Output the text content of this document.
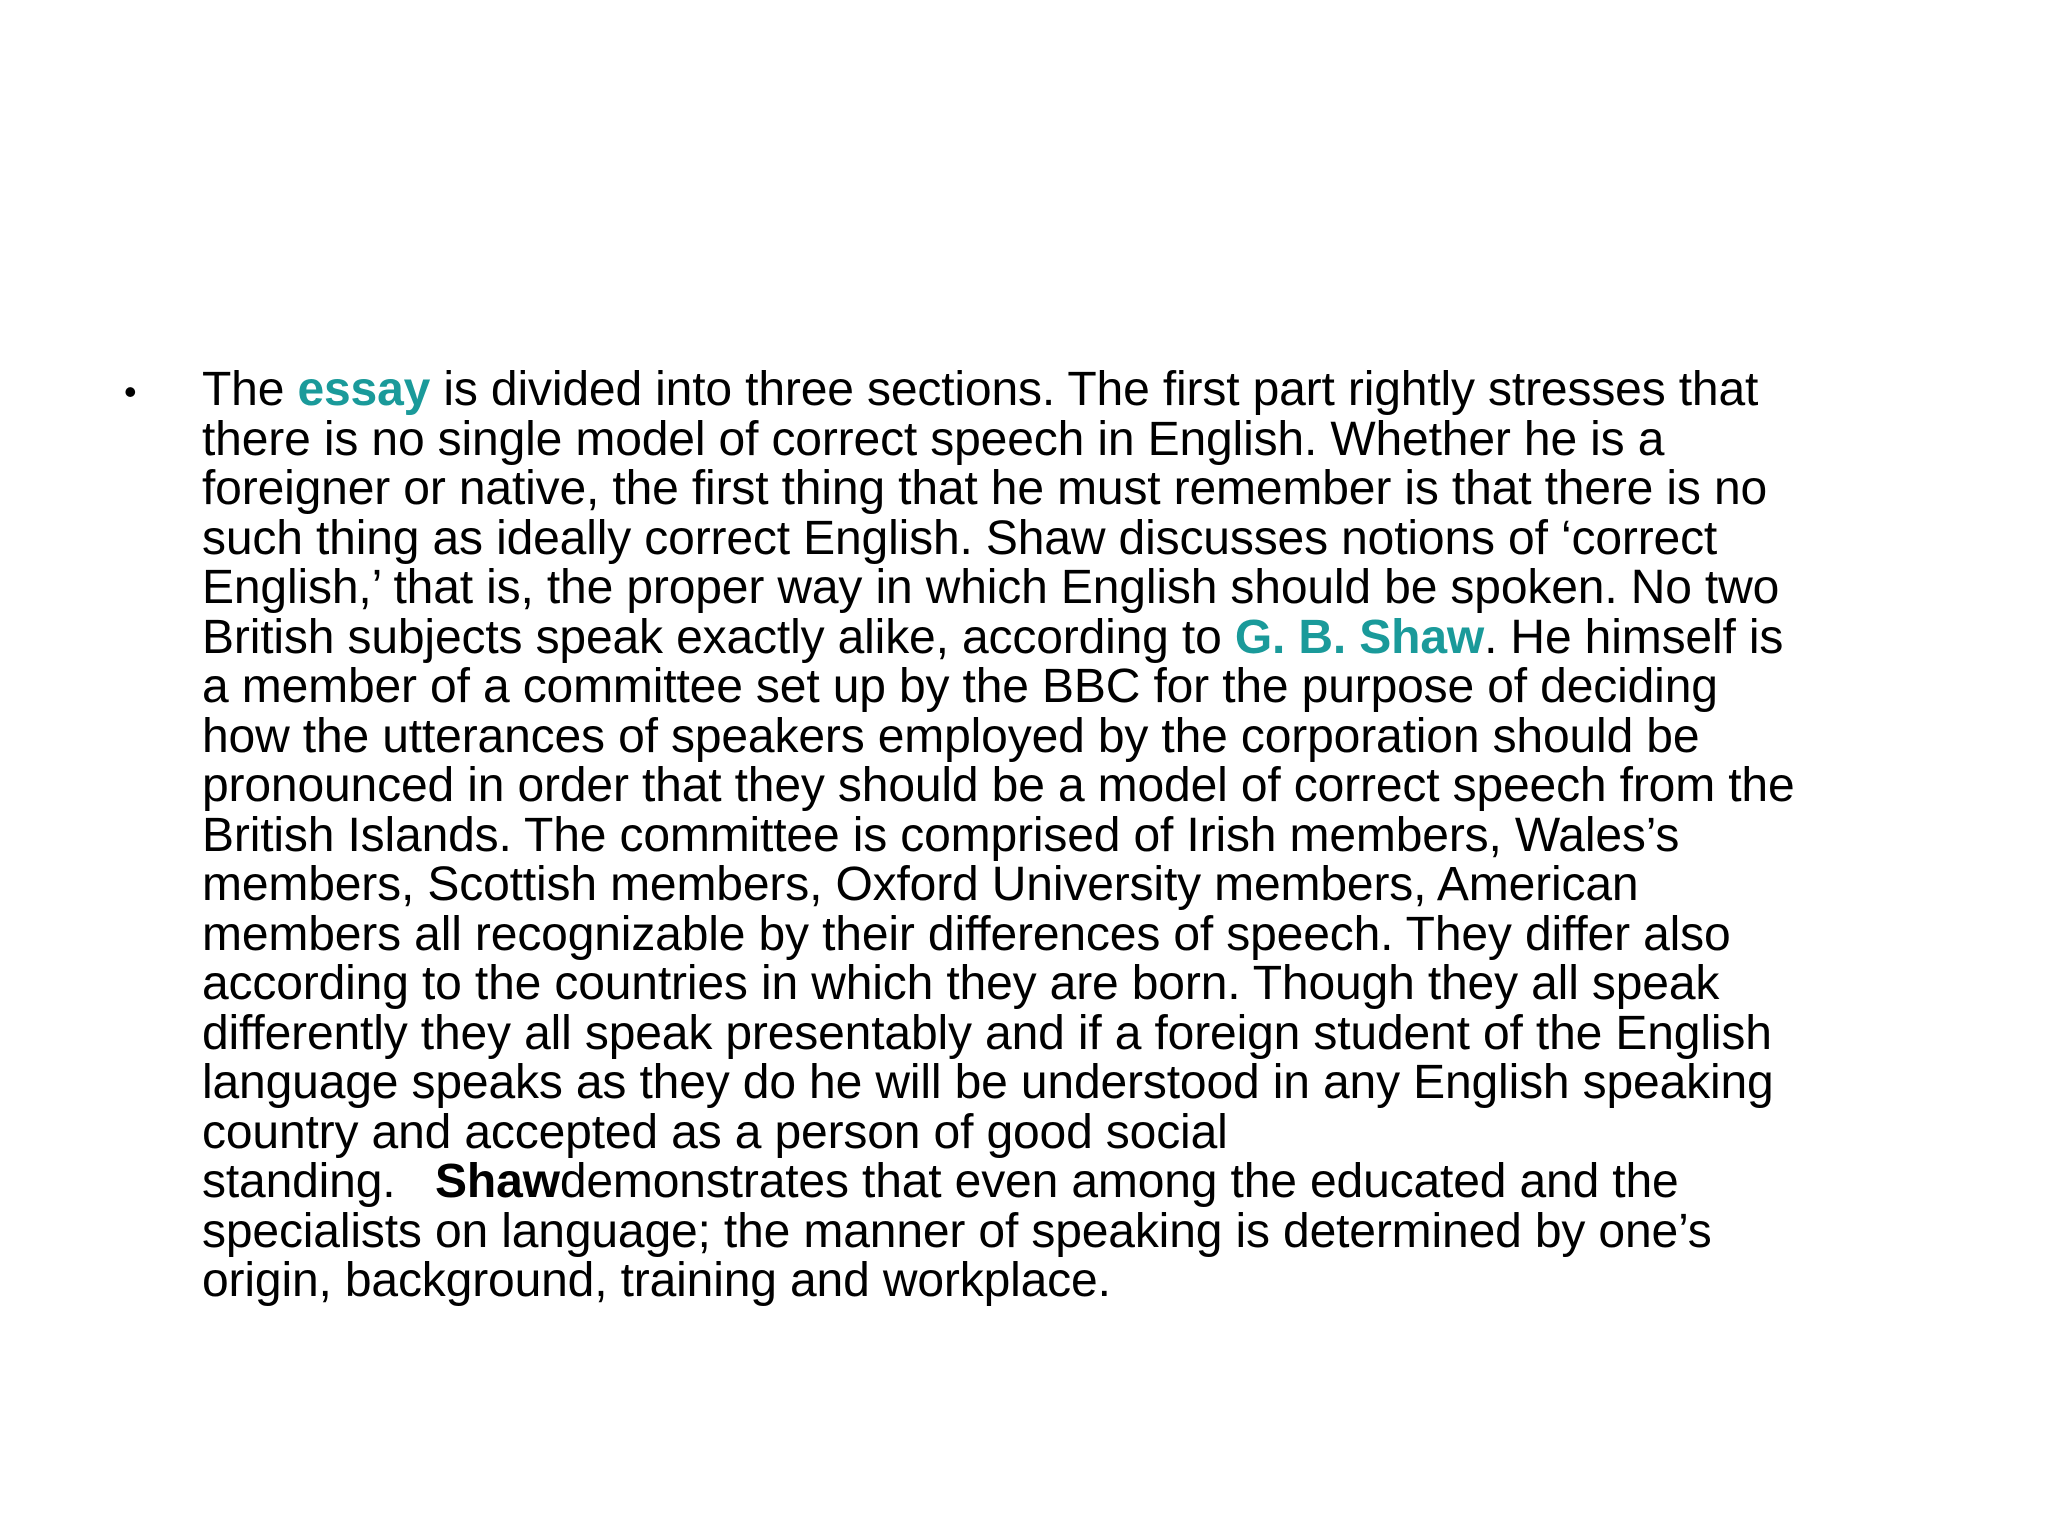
•	The essay is divided into three sections. The first part rightly stresses that
there is no single model of correct speech in English. Whether he is a
foreigner or native, the first thing that he must remember is that there is no
such thing as ideally correct English. Shaw discusses notions of ‘correct
English,’ that is, the proper way in which English should be spoken. No two
British subjects speak exactly alike, according to G. B. Shaw. He himself is
a member of a committee set up by the BBC for the purpose of deciding
how the utterances of speakers employed by the corporation should be
pronounced in order that they should be a model of correct speech from the
British Islands. The committee is comprised of Irish members, Wales’s
members, Scottish members, Oxford University members, American
members all recognizable by their differences of speech. They differ also
according to the countries in which they are born. Though they all speak
differently they all speak presentably and if a foreign student of the English
language speaks as they do he will be understood in any English speaking
country and accepted as a person of good social
standing.   Shawdemonstrates that even among the educated and the
specialists on language; the manner of speaking is determined by one’s
origin, background, training and workplace.
